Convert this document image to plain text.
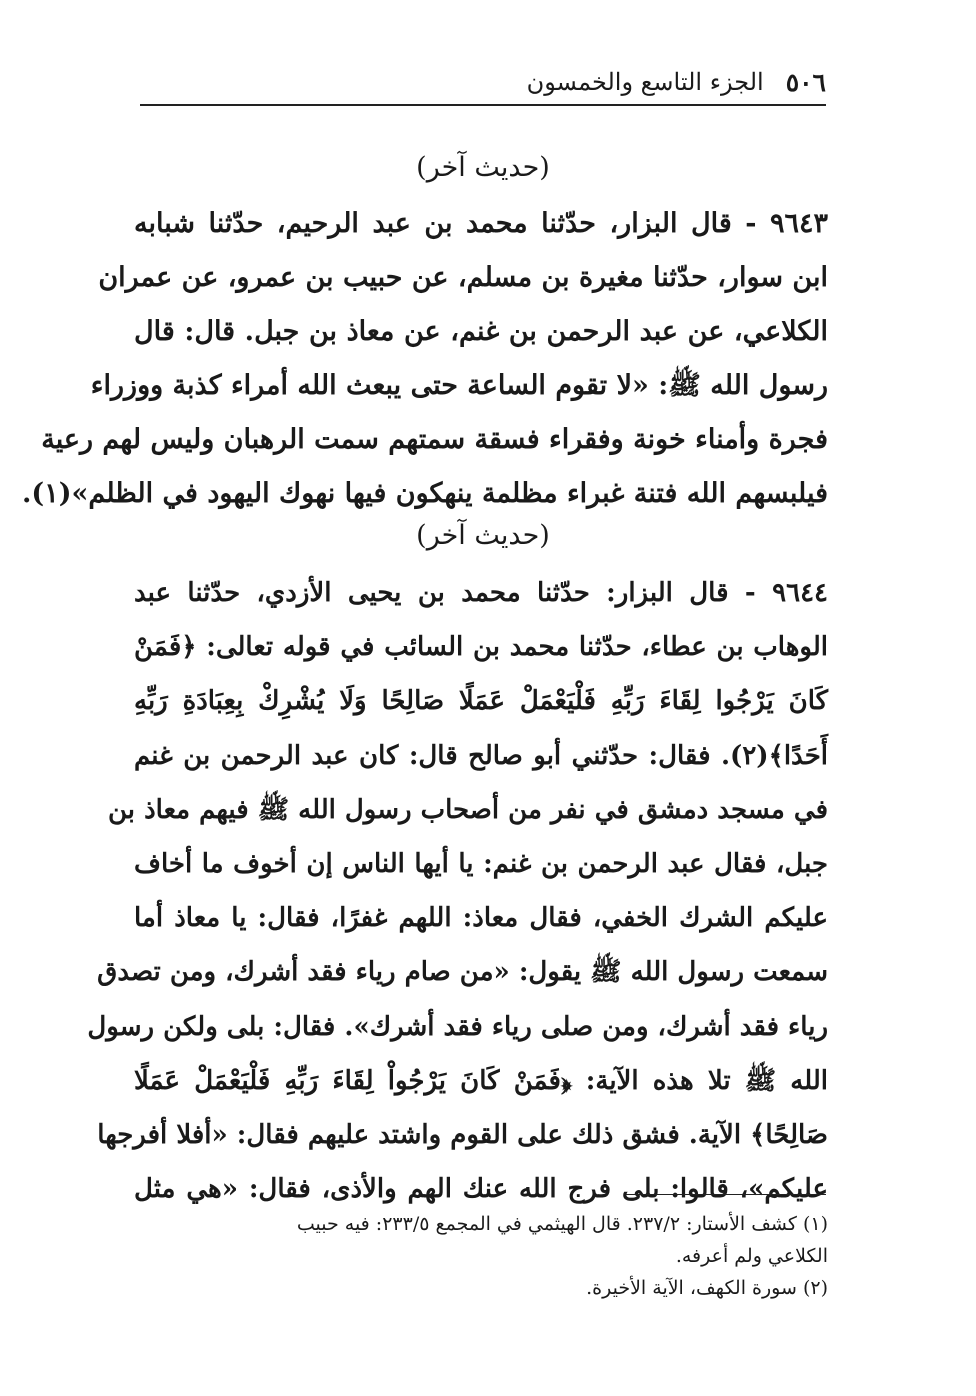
٥٠٦
الجزء التاسع والخمسون
(حديث آخر)
٩٦٤٣ - قال البزار، حدّثنا محمد بن عبد الرحيم، حدّثنا شبابه
ابن سوار، حدّثنا مغيرة بن مسلم، عن حبيب بن عمرو، عن عمران
الكلاعي، عن عبد الرحمن بن غنم، عن معاذ بن جبل. قال: قال
رسول الله ﷺ: «لا تقوم الساعة حتى يبعث الله أمراء كذبة ووزراء
فجرة وأمناء خونة وفقراء فسقة سمتهم سمت الرهبان وليس لهم رعية
فيلبسهم الله فتنة غبراء مظلمة ينهكون فيها نهوك اليهود في الظلم»(١).
(حديث آخر)
٩٦٤٤ - قال البزار: حدّثنا محمد بن يحيى الأزدي، حدّثنا عبد
الوهاب بن عطاء، حدّثنا محمد بن السائب في قوله تعالى: ﴿فَمَنْ
كَانَ يَرْجُوا لِقَاءَ رَبِّهِ فَلْيَعْمَلْ عَمَلًا صَالِحًا وَلَا يُشْرِكْ بِعِبَادَةِ رَبِّهِ
أَحَدًا﴾(٢). فقال: حدّثني أبو صالح قال: كان عبد الرحمن بن غنم
في مسجد دمشق في نفر من أصحاب رسول الله ﷺ فيهم معاذ بن
جبل، فقال عبد الرحمن بن غنم: يا أيها الناس إن أخوف ما أخاف
عليكم الشرك الخفي، فقال معاذ: اللهم غفرًا، فقال: يا معاذ أما
سمعت رسول الله ﷺ يقول: «من صام رياء فقد أشرك، ومن تصدق
رياء فقد أشرك، ومن صلى رياء فقد أشرك». فقال: بلى ولكن رسول
الله ﷺ تلا هذه الآية: ﴿فَمَنْ كَانَ يَرْجُواْ لِقَاءَ رَبِّهِ فَلْيَعْمَلْ عَمَلًا
صَالِحًا﴾ الآية. فشق ذلك على القوم واشتد عليهم فقال: «أفلا أفرجها
عليكم»، قالوا: بلى فرج الله عنك الهم والأذى، فقال: «هي مثل
(١) كشف الأستار: ٢٣٧/٢. قال الهيثمي في المجمع ٢٣٣/٥: فيه حبيب
الكلاعي ولم أعرفه.
(٢) سورة الكهف، الآية الأخيرة.
